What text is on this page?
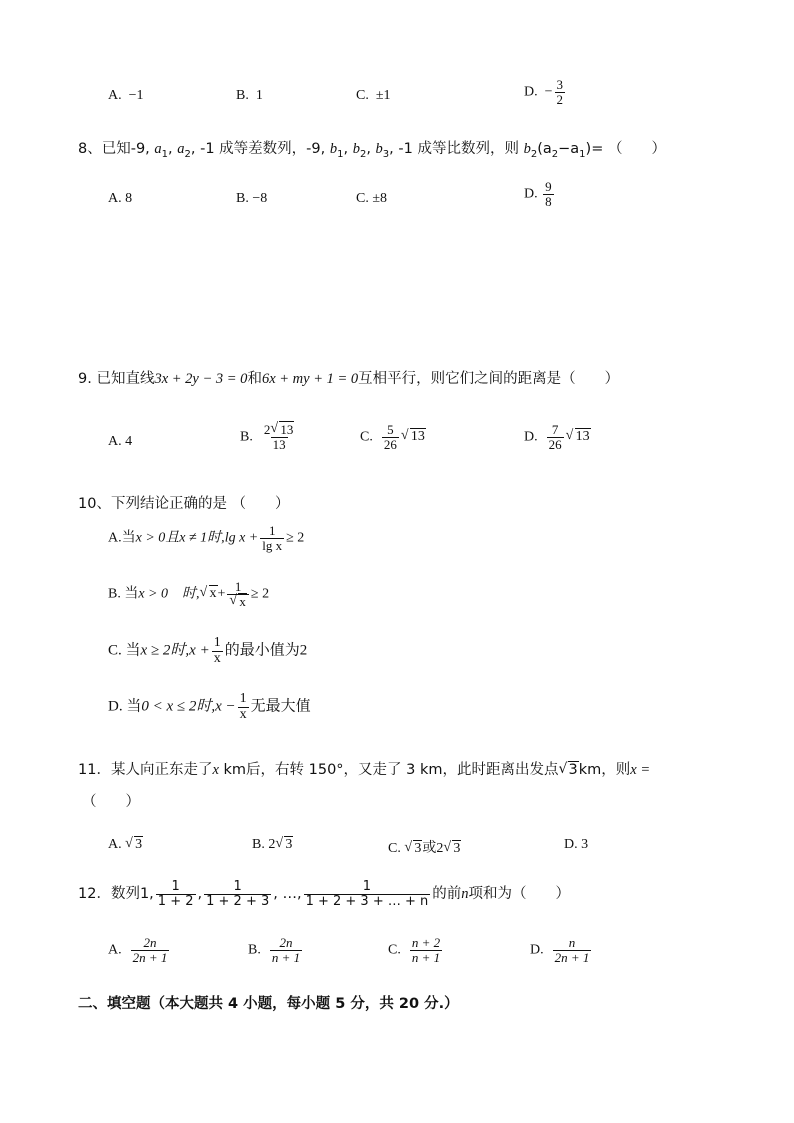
A. −1	B. 1	C. ±1	D. − $\frac{3}{2}$
8、已知-9, $a_1$, $a_2$, -1 成等差数列，-9, $b_1$, $b_2$, $b_3$, -1 成等比数列，则 $b_2(a_2-a_1)=$ （　　）
A. 8	B. −8	C. ±8	D. $\frac{9}{8}$
9. 已知直线3x + 2y − 3 = 0和6x + my + 1 = 0互相平行，则它们之间的距离是（　　）
A. 4	B. $\frac{2 √ 13}{13}$	C. $\frac{5}{26}$ √ 13	D. $\frac{7}{26}$ √ 13
10、下列结论正确的是 （　　）
A.当x > 0且x ≠ 1时,lg $x + \frac{1}{\text{lg x}} \ge 2$
B. 当x > 0　时, √ x+ 1
√ x ≥ 2
C. 当x ≥ 2时$,x + \frac{1}{x}$ 的最小值为2
D. 当0 < x ≤ 2时$,x - \frac{1}{x}$ 无最大值
11．某人向正东走了x km后，右转 150°，又走了 3 km，此时距离出发点 √ 3km，则x =
（　　）
A. √ 3	B. 2 √ 3	C. √ 3或2 √ 3	D. 3
12．数列1, $\frac{1}{1 + 2}$ , $\frac{1}{1 + 2 + 3}$ , …, $\frac{1}{1 + 2 + 3 + \dots + n}$ 的前n项和为（　　）
A. $\frac{2n}{2n + 1}$	B. $\frac{2n}{n + 1}$	C. $\frac{n + 2}{n + 1}$	D. $\frac{n}{2n + 1}$
二、填空题（本大题共 4 小题，每小题 5 分，共 20 分.）
